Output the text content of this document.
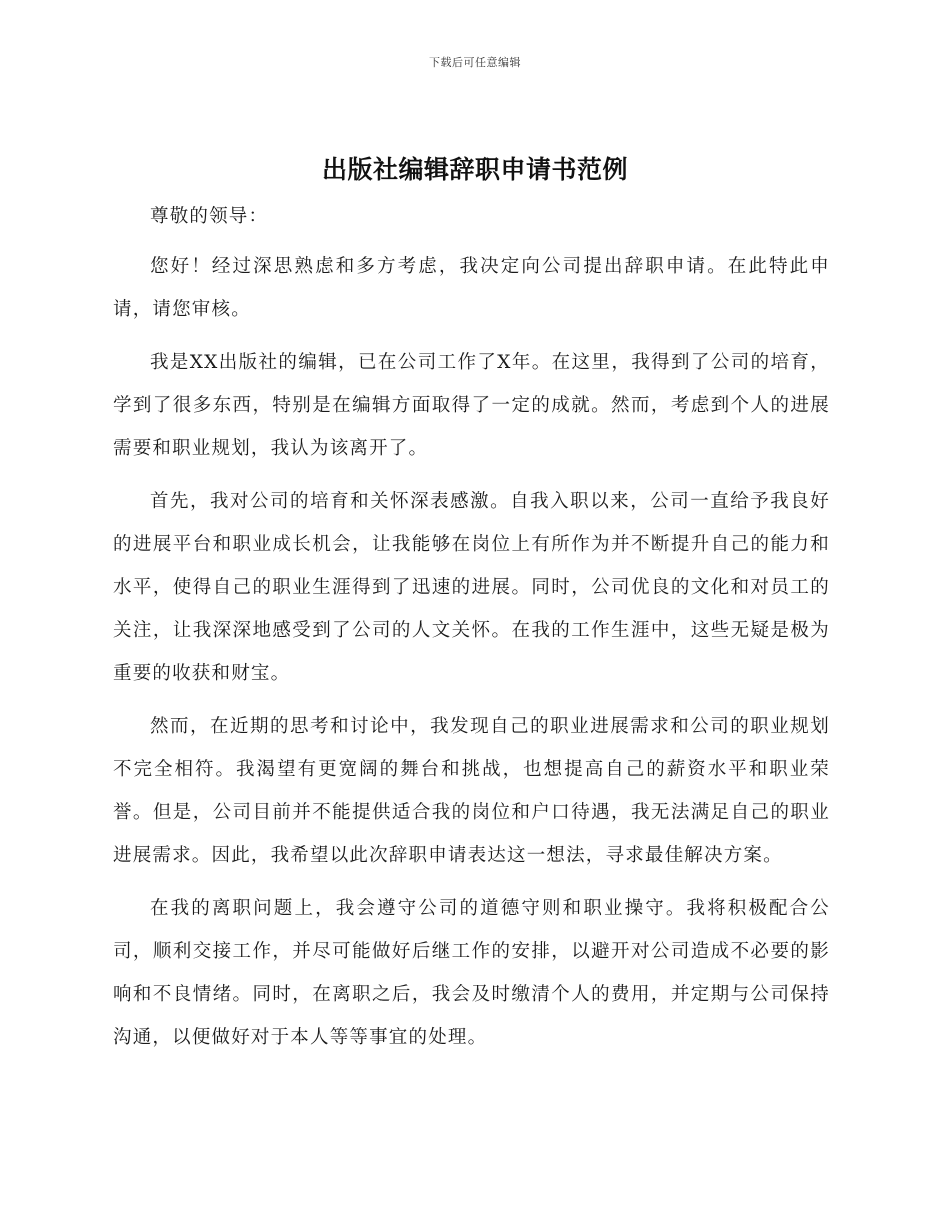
下载后可任意编辑
出版社编辑辞职申请书范例

尊敬的领导：

您好！经过深思熟虑和多方考虑，我决定向公司提出辞职申请。在此特此申请，请您审核。

我是XX出版社的编辑，已在公司工作了X年。在这里，我得到了公司的培育，学到了很多东西，特别是在编辑方面取得了一定的成就。然而，考虑到个人的进展需要和职业规划，我认为该离开了。

首先，我对公司的培育和关怀深表感激。自我入职以来，公司一直给予我良好的进展平台和职业成长机会，让我能够在岗位上有所作为并不断提升自己的能力和水平，使得自己的职业生涯得到了迅速的进展。同时，公司优良的文化和对员工的关注，让我深深地感受到了公司的人文关怀。在我的工作生涯中，这些无疑是极为重要的收获和财宝。

然而，在近期的思考和讨论中，我发现自己的职业进展需求和公司的职业规划不完全相符。我渴望有更宽阔的舞台和挑战，也想提高自己的薪资水平和职业荣誉。但是，公司目前并不能提供适合我的岗位和户口待遇，我无法满足自己的职业进展需求。因此，我希望以此次辞职申请表达这一想法，寻求最佳解决方案。

在我的离职问题上，我会遵守公司的道德守则和职业操守。我将积极配合公司，顺利交接工作，并尽可能做好后继工作的安排，以避开对公司造成不必要的影响和不良情绪。同时，在离职之后，我会及时缴清个人的费用，并定期与公司保持沟通，以便做好对于本人等等事宜的处理。
